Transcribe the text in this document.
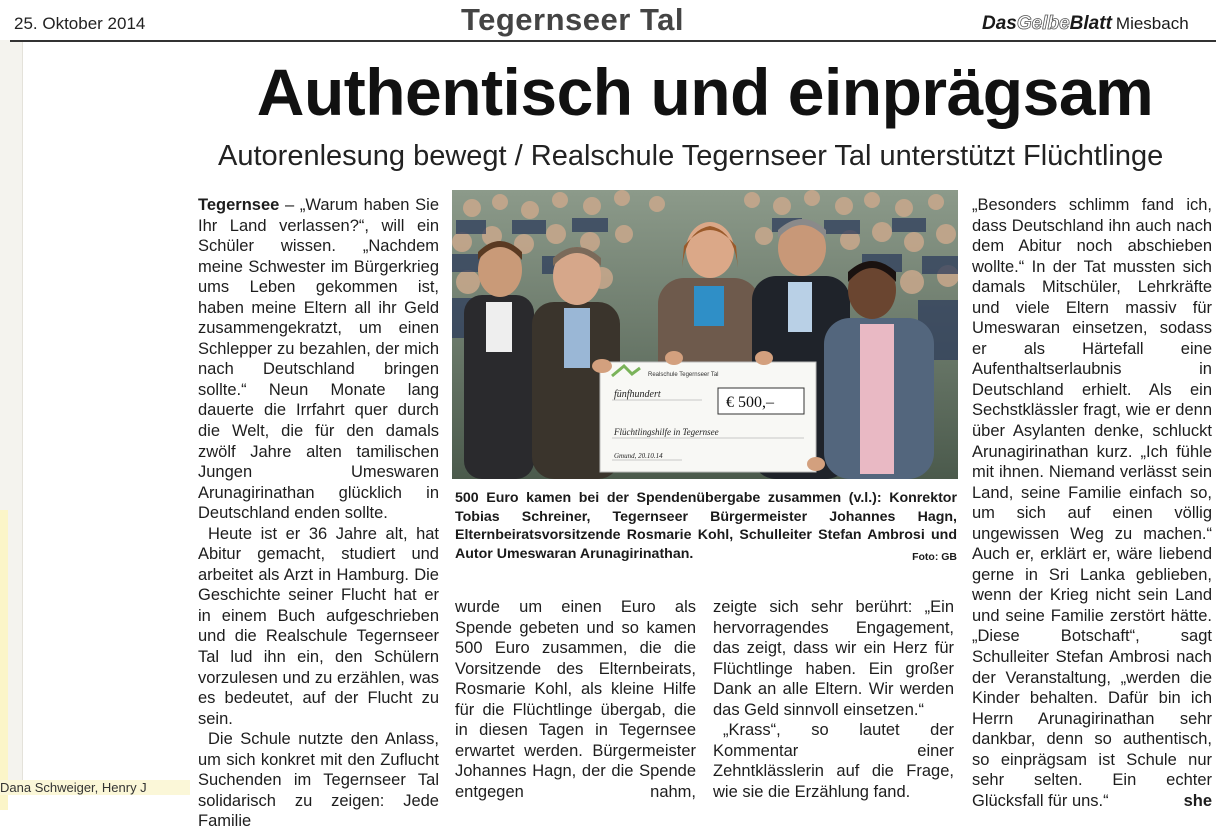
Dana Schweiger, Henry J
25. Oktober 2014	Tegernseer Tal	DasGelbeBlatt Miesbach
Authentisch und einprägsam
Autorenlesung bewegt / Realschule Tegernseer Tal unterstützt Flüchtlinge

Tegernsee – „Warum haben Sie Ihr Land verlassen?“, will ein Schüler wissen. „Nachdem meine Schwester im Bürgerkrieg ums Leben gekommen ist, haben meine Eltern all ihr Geld zusammengekratzt, um einen Schlepper zu bezahlen, der mich nach Deutschland bringen sollte.“ Neun Monate lang dauerte die Irrfahrt quer durch die Welt, die für den damals zwölf Jahre alten tamilischen Jungen Umeswaren Arunagirinathan glücklich in Deutschland enden sollte.

Heute ist er 36 Jahre alt, hat Abitur gemacht, studiert und arbeitet als Arzt in Hamburg. Die Geschichte seiner Flucht hat er in einem Buch aufgeschrieben und die Realschule Tegernseer Tal lud ihn ein, den Schülern vorzulesen und zu erzählen, was es bedeutet, auf der Flucht zu sein.

Die Schule nutzte den Anlass, um sich konkret mit den Zuflucht Suchenden im Tegernseer Tal solidarisch zu zeigen: Jede Familie

Realschule Tegernseer Tal
fünfhundert	€ 500,–
Flüchtlingshilfe in Tegernsee
Gmund, 20.10.14
500 Euro kamen bei der Spendenübergabe zusammen (v.l.): Konrektor Tobias Schreiner, Tegernseer Bürgermeister Johannes Hagn, Elternbeiratsvorsitzende Rosmarie Kohl, Schulleiter Stefan Ambrosi und Autor Umeswaran Arunagirinathan.	Foto: GB

wurde um einen Euro als Spende gebeten und so kamen 500 Euro zusammen, die die Vorsitzende des Elternbeirats, Rosmarie Kohl, als kleine Hilfe für die Flüchtlinge übergab, die in diesen Tagen in Tegernsee erwartet werden. Bürgermeister Johannes Hagn, der die Spende entgegen nahm,

zeigte sich sehr berührt: „Ein hervorragendes Engagement, das zeigt, dass wir ein Herz für Flüchtlinge haben. Ein großer Dank an alle Eltern. Wir werden das Geld sinnvoll einsetzen.“

„Krass“, so lautet der Kommentar einer Zehntklässlerin auf die Frage, wie sie die Erzählung fand.

„Besonders schlimm fand ich, dass Deutschland ihn auch nach dem Abitur noch abschieben wollte.“ In der Tat mussten sich damals Mitschüler, Lehrkräfte und viele Eltern massiv für Umeswaran einsetzen, sodass er als Härtefall eine Aufenthaltserlaubnis in Deutschland erhielt. Als ein Sechstklässler fragt, wie er denn über Asylanten denke, schluckt Arunagirinathan kurz. „Ich fühle mit ihnen. Niemand verlässt sein Land, seine Familie einfach so, um sich auf einen völlig ungewissen Weg zu machen.“ Auch er, erklärt er, wäre liebend gerne in Sri Lanka geblieben, wenn der Krieg nicht sein Land und seine Familie zerstört hätte. „Diese Botschaft“, sagt Schulleiter Stefan Ambrosi nach der Veranstaltung, „werden die Kinder behalten. Dafür bin ich Herrn Arunagirinathan sehr dankbar, denn so authentisch, so einprägsam ist Schule nur sehr selten. Ein echter Glücksfall für uns.“	she
